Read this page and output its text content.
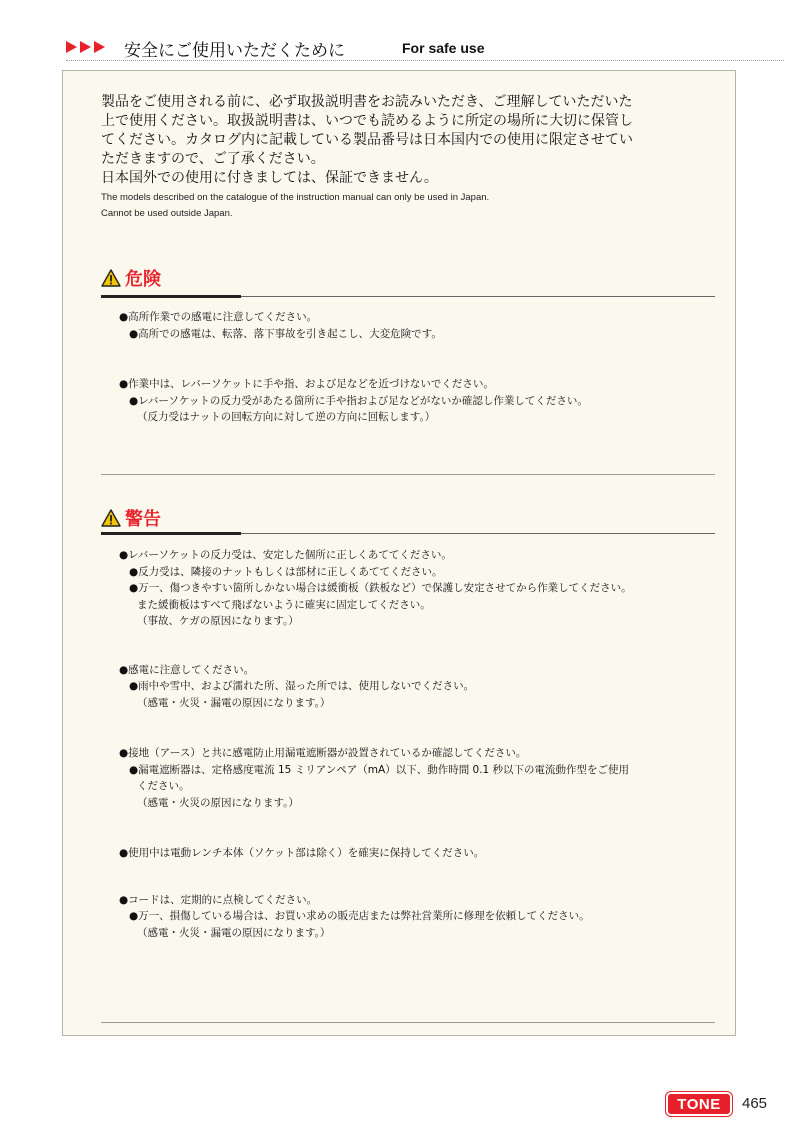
安全にご使用いただくために	For safe use

製品をご使用される前に、必ず取扱説明書をお読みいただき、ご理解していただいた

上で使用ください。取扱説明書は、いつでも読めるように所定の場所に大切に保管し

てください。カタログ内に記載している製品番号は日本国内での使用に限定させてい

ただきますので、ご了承ください。

日本国外での使用に付きましては、保証できません。

The models described on the catalogue of the instruction manual can only be used in Japan.

Cannot be used outside Japan.

危険
●高所作業での感電に注意してください。
●高所での感電は、転落、落下事故を引き起こし、大変危険です。
●作業中は、レバーソケットに手や指、および足などを近づけないでください。
●レバーソケットの反力受があたる箇所に手や指および足などがないか確認し作業してください。
（反力受はナットの回転方向に対して逆の方向に回転します。）
警告
●レバーソケットの反力受は、安定した個所に正しくあててください。
●反力受は、隣接のナットもしくは部材に正しくあててください。
●万一、傷つきやすい箇所しかない場合は緩衝板（鉄板など）で保護し安定させてから作業してください。
また緩衝板はすべて飛ばないように確実に固定してください。
（事故、ケガの原因になります。）
●感電に注意してください。
●雨中や雪中、および濡れた所、湿った所では、使用しないでください。
（感電・火災・漏電の原因になります。）
●接地（アース）と共に感電防止用漏電遮断器が設置されているか確認してください。
●漏電遮断器は、定格感度電流 15 ミリアンペア（mA）以下、動作時間 0.1 秒以下の電流動作型をご使用
ください。
（感電・火災の原因になります。）
●使用中は電動レンチ本体（ソケット部は除く）を確実に保持してください。
●コードは、定期的に点検してください。
●万一、損傷している場合は、お買い求めの販売店または弊社営業所に修理を依頼してください。
（感電・火災・漏電の原因になります。）
TONE 465
